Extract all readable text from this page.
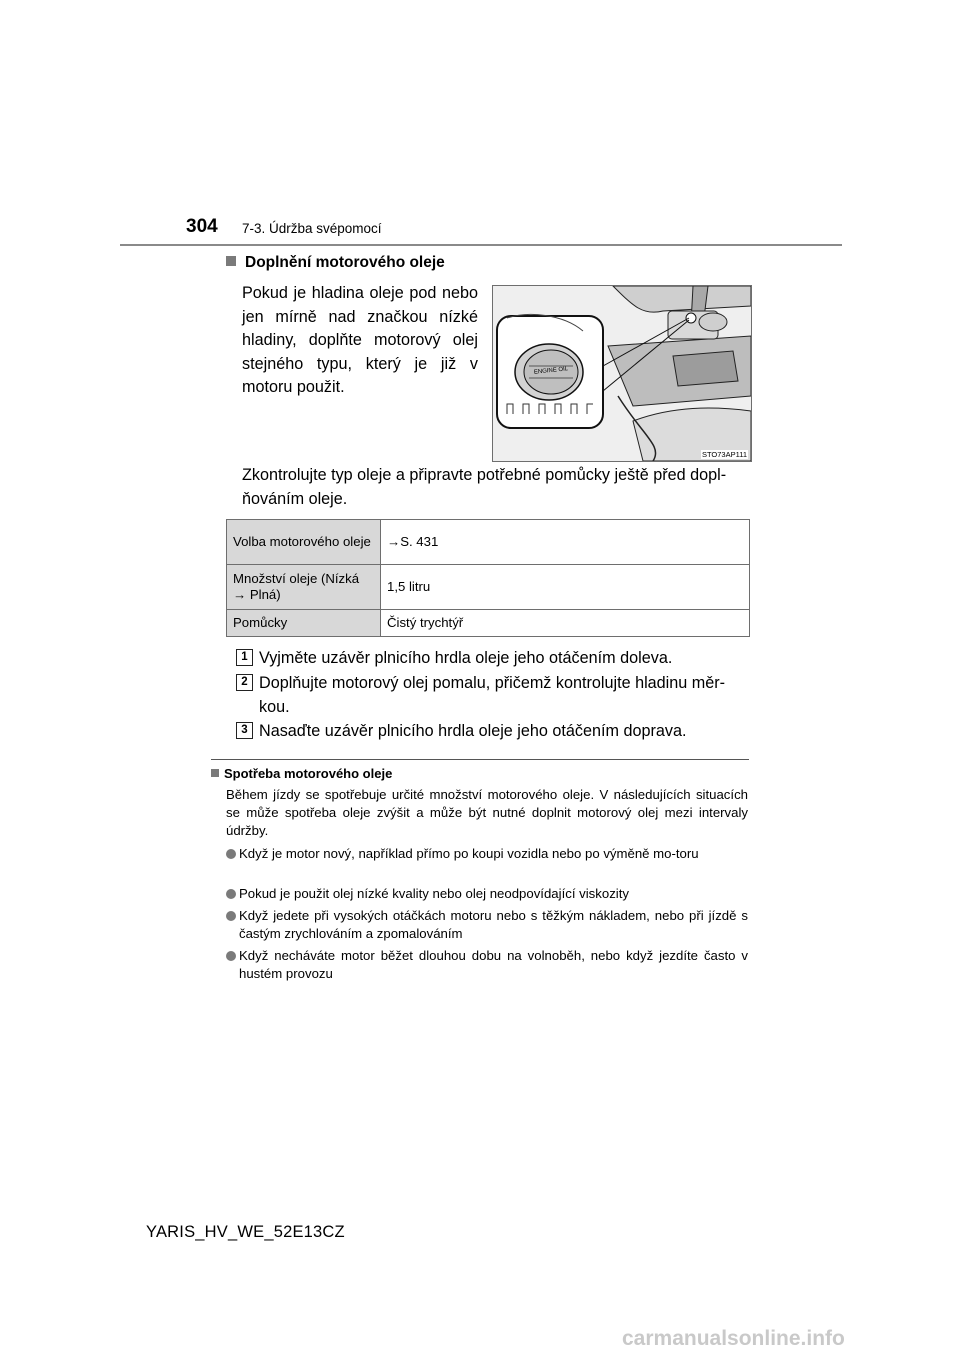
304 7-3. Údržba svépomocí
Doplnění motorového oleje
Pokud je hladina oleje pod nebo jen mírně nad značkou nízké hladiny, doplňte motorový olej stejného typu, který je již v motoru použit.
ENGINE OIL
STO73AP111
Zkontrolujte typ oleje a připravte potřebné pomůcky ještě před dopl-ňováním oleje.
Volba motorového oleje	→S. 431
Množství oleje (Nízká → Plná)	1,5 litru
Pomůcky	Čistý trychtýř
1 Vyjměte uzávěr plnicího hrdla oleje jeho otáčením doleva.
2 Doplňujte motorový olej pomalu, přičemž kontrolujte hladinu měr-kou.
3 Nasaďte uzávěr plnicího hrdla oleje jeho otáčením doprava.
Spotřeba motorového oleje
Během jízdy se spotřebuje určité množství motorového oleje. V následujících situacích se může spotřeba oleje zvýšit a může být nutné doplnit motorový olej mezi intervaly údržby.
Když je motor nový, například přímo po koupi vozidla nebo po výměně mo-toru
Pokud je použit olej nízké kvality nebo olej neodpovídající viskozity
Když jedete při vysokých otáčkách motoru nebo s těžkým nákladem, nebo při jízdě s častým zrychlováním a zpomalováním
Když necháváte motor běžet dlouhou dobu na volnoběh, nebo když jezdíte často v hustém provozu
YARIS_HV_WE_52E13CZ
carmanualsonline.info
